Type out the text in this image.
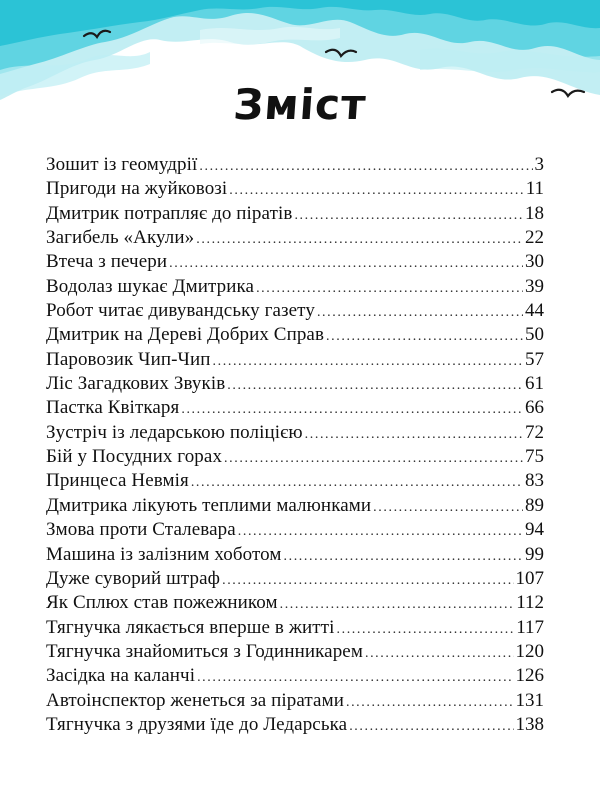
Зміст
Зошит із геомудрії .....	3
Пригоди на жуйковозі .....	11
Дмитрик потрапляє до піратів .....	18
Загибель «Акули» .....	22
Втеча з печери .....	30
Водолаз шукає Дмитрика .....	39
Робот читає дивувандську газету .....	44
Дмитрик на Дереві Добрих Справ .....	50
Паровозик Чип-Чип .....	57
Ліс Загадкових Звуків .....	61
Пастка Квіткаря .....	66
Зустріч із ледарською поліцією .....	72
Бій у Посудних горах .....	75
Принцеса Невмія .....	83
Дмитрика лікують теплими малюнками .....	89
Змова проти Сталевара .....	94
Машина із залізним хоботом .....	99
Дуже суворий штраф .....	107
Як Сплюх став пожежником .....	112
Тягнучка лякається вперше в житті .....	117
Тягнучка знайомиться з Годинникарем .....	120
Засідка на каланчі .....	126
Автоінспектор женеться за піратами .....	131
Тягнучка з друзями їде до Ледарська .....	138
